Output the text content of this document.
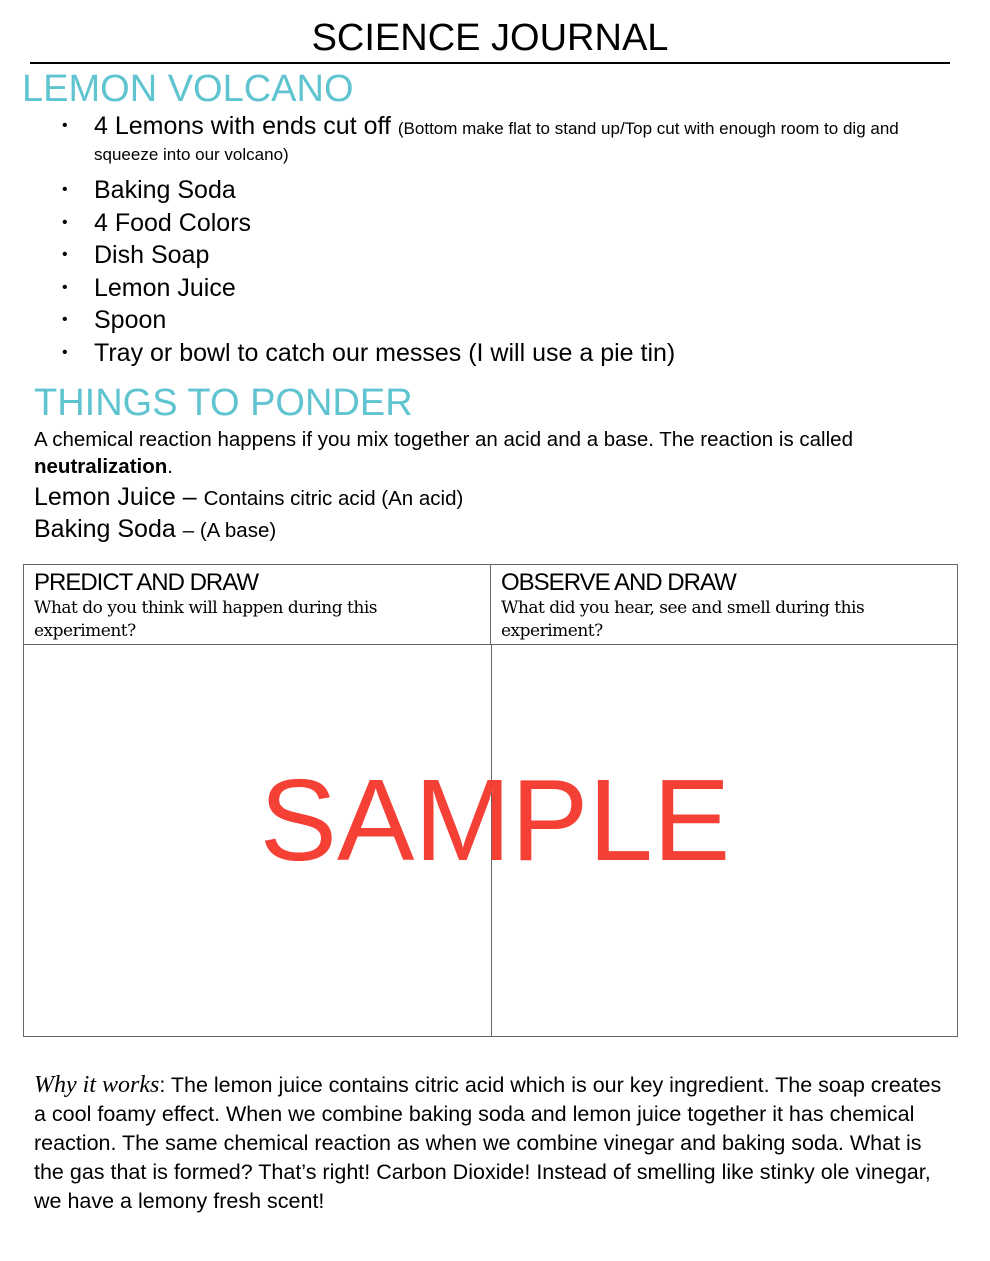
SCIENCE JOURNAL
LEMON VOLCANO
• 4 Lemons with ends cut off (Bottom make flat to stand up/Top cut with enough room to dig and squeeze into our volcano)
• Baking Soda
• 4 Food Colors
• Dish Soap
• Lemon Juice
• Spoon
• Tray or bowl to catch our messes (I will use a pie tin)
THINGS TO PONDER
A chemical reaction happens if you mix together an acid and a base. The reaction is called neutralization.
Lemon Juice – Contains citric acid (An acid)
Baking Soda – (A base)
PREDICT AND DRAW
What do you think will happen during this experiment?
OBSERVE AND DRAW
What did you hear, see and smell during this experiment?
SAMPLE
Why it works: The lemon juice contains citric acid which is our key ingredient. The soap creates a cool foamy effect. When we combine baking soda and lemon juice together it has chemical reaction. The same chemical reaction as when we combine vinegar and baking soda. What is the gas that is formed? That’s right! Carbon Dioxide! Instead of smelling like stinky ole vinegar, we have a lemony fresh scent!
